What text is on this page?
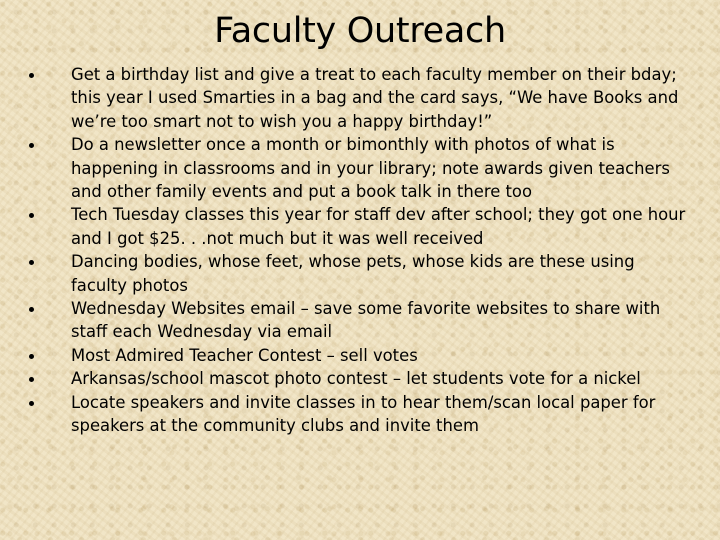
Faculty Outreach
Get a birthday list and give a treat to each faculty member on their bday; this year I used Smarties in a bag and the card says, “We have Books and we’re too smart not to wish you a happy birthday!”
Do a newsletter once a month or bimonthly with photos of what is happening in classrooms and in your library; note awards given teachers and other family events and put a book talk in there too
Tech Tuesday classes this year for staff dev after school; they got one hour and I got $25. . .not much but it was well received
Dancing bodies, whose feet, whose pets, whose kids are these using faculty photos
Wednesday Websites email – save some favorite websites to share with staff each Wednesday via email
Most Admired Teacher Contest – sell votes
Arkansas/school mascot photo contest – let students vote for a nickel
Locate speakers and invite classes in to hear them/scan local paper for speakers at the community clubs and invite them
